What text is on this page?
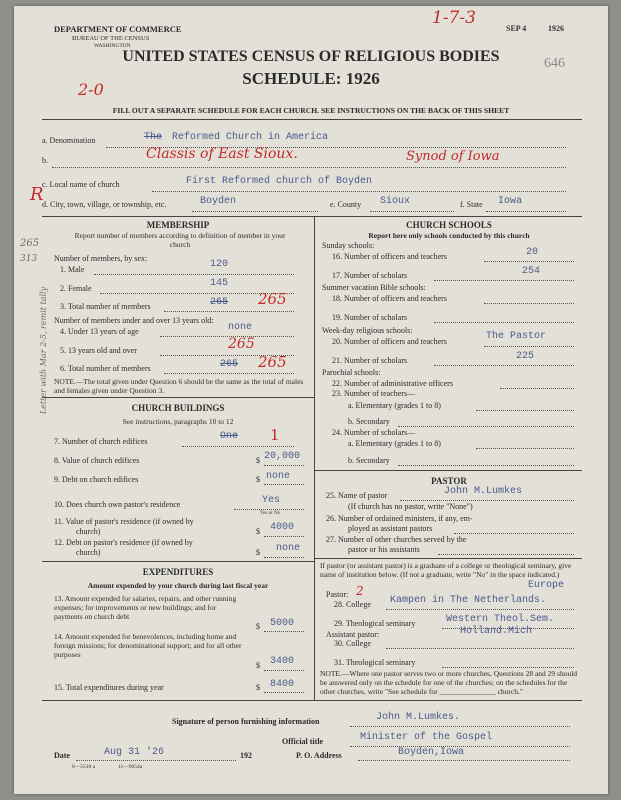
DEPARTMENT OF COMMERCE
BUREAU OF THE CENSUS
WASHINGTON
1-7-3
SEP 4	1926
646
UNITED STATES CENSUS OF RELIGIOUS BODIES
SCHEDULE: 1926
2-0
FILL OUT A SEPARATE SCHEDULE FOR EACH CHURCH. SEE INSTRUCTIONS ON THE BACK OF THIS SHEET
a. Denomination	The Reformed Church in America
b.	Classis of East Sioux.	Synod of Iowa
c. Local name of church	First Reformed church of Boyden
R
d. City, town, village, or township, etc.	Boyden	e. County Sioux	f. State Iowa
MEMBERSHIP
Report number of members according to definition of member in your church
Number of members, by sex:
1. Male	120
2. Female	145
3. Total number of members	265 265
Number of members under and over 13 years old:
4. Under 13 years of age	none
5. 13 years old and over	265
6. Total number of members	265 265
NOTE.—The total given under Question 6 should be the same as the total of males and females given under Question 3.
265
313
Letter with Mar 2-5, remit tally	CHURCH BUILDINGS
See instructions, paragraphs 10 to 12
7. Number of church edifices	One 1
8. Value of church edifices	$ 20,000
9. Debt on church edifices	$ none
10. Does church own pastor's residence	Yes
Yes or No
11. Value of pastor's residence (if owned by
church)	$ 4000
12. Debt on pastor's residence (if owned by
church)	$ none
EXPENDITURES
Amount expended by your church during last fiscal year
13. Amount expended for salaries, repairs, and other running expenses; for improvements or new buildings; and for payments on church debt
$ 5000
14. Amount expended for benevolences, including home and foreign missions; for denominational support; and for all other purposes
$ 3400
15. Total expenditures during year	$ 8400
CHURCH SCHOOLS
Report here only schools conducted by this church
Sunday schools:
16. Number of officers and teachers	20
17. Number of scholars	254
Summer vacation Bible schools:
18. Number of officers and teachers
19. Number of scholars
Week-day religious schools:
20. Number of officers and teachers	The Pastor
21. Number of scholars	225
Parochial schools:
22. Number of administrative officers
23. Number of teachers—
a. Elementary (grades 1 to 8)
b. Secondary
24. Number of scholars—
a. Elementary (grades 1 to 8)
b. Secondary
PASTOR
25. Name of pastor	John M.Lumkes
(If church has no pastor, write "None")
26. Number of ordained ministers, if any, em-
ployed as assistant pastors
27. Number of other churches served by the
pastor or his assistants
If pastor (or assistant pastor) is a graduate of a college or theological seminary, give name of institution below. (If not a graduate, write "No" in the space indicated.)
Pastor: 2	Europe
28. College Kampen in The Netherlands.
29. Theological seminary	Western Theol.Sem.
Assistant pastor:	Holland.Mich
30. College
31. Theological seminary
NOTE.—Where one pastor serves two or more churches, Questions 28 and 29 should be answered only on the schedule for one of the churches; on the schedules for the other churches, write "See schedule for _______________ church."
Signature of person furnishing information	John M.Lumkes.
Official title	Minister of the Gospel
Date	Aug 31 '26	192	P. O. Address	Boyden,Iowa
8—5518 a	11—9054a
